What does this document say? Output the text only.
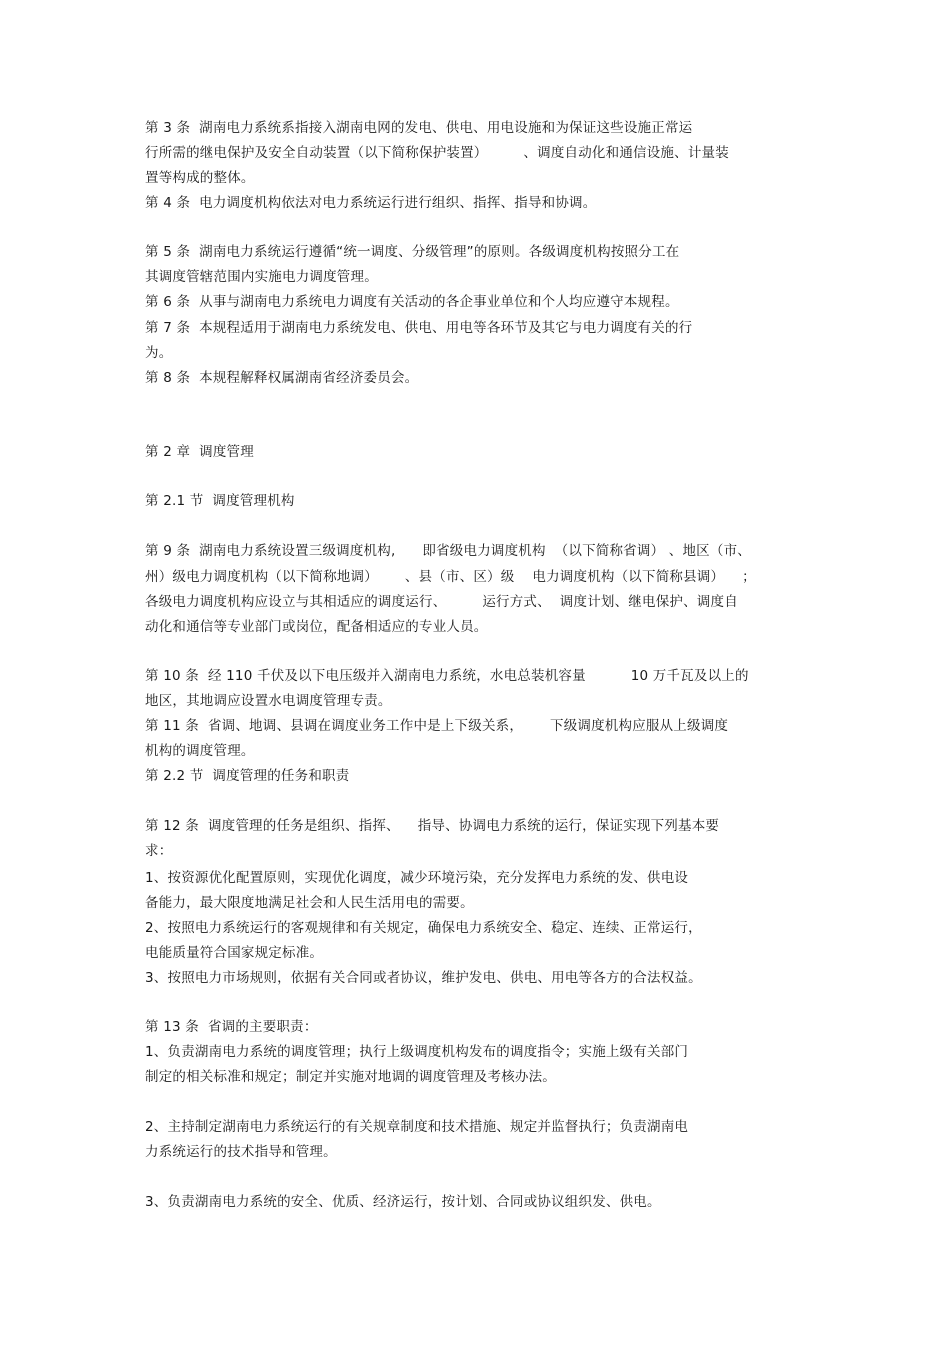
第 3 条  湖南电力系统系指接入湖南电网的发电、供电、用电设施和为保证这些设施正常运
行所需的继电保护及安全自动装置（以下简称保护装置）        、调度自动化和通信设施、计量装
置等构成的整体。
第 4 条  电力调度机构依法对电力系统运行进行组织、指挥、指导和协调。
第 5 条  湖南电力系统运行遵循“统一调度、分级管理”的原则。各级调度机构按照分工在
其调度管辖范围内实施电力调度管理。
第 6 条  从事与湖南电力系统电力调度有关活动的各企事业单位和个人均应遵守本规程。
第 7 条  本规程适用于湖南电力系统发电、供电、用电等各环节及其它与电力调度有关的行
为。
第 8 条  本规程解释权属湖南省经济委员会。
第 2 章  调度管理
第 2.1 节  调度管理机构
第 9 条  湖南电力系统设置三级调度机构,      即省级电力调度机构  （以下简称省调） 、地区（市、
州）级电力调度机构（以下简称地调）      、县（市、区）级    电力调度机构（以下简称县调）    ；
各级电力调度机构应设立与其相适应的调度运行、        运行方式、  调度计划、继电保护、调度自
动化和通信等专业部门或岗位，配备相适应的专业人员。
第 10 条  经 110 千伏及以下电压级并入湖南电力系统，水电总装机容量          10 万千瓦及以上的
地区，其地调应设置水电调度管理专责。
第 11 条  省调、地调、县调在调度业务工作中是上下级关系，      下级调度机构应服从上级调度
机构的调度管理。
第 2.2 节  调度管理的任务和职责
第 12 条  调度管理的任务是组织、指挥、    指导、协调电力系统的运行，保证实现下列基本要
求：
1、按资源优化配置原则，实现优化调度，减少环境污染，充分发挥电力系统的发、供电设
备能力，最大限度地满足社会和人民生活用电的需要。
2、按照电力系统运行的客观规律和有关规定，确保电力系统安全、稳定、连续、正常运行，
电能质量符合国家规定标准。
3、按照电力市场规则，依据有关合同或者协议，维护发电、供电、用电等各方的合法权益。
第 13 条  省调的主要职责：
1、负责湖南电力系统的调度管理；执行上级调度机构发布的调度指令；实施上级有关部门
制定的相关标准和规定；制定并实施对地调的调度管理及考核办法。
2、主持制定湖南电力系统运行的有关规章制度和技术措施、规定并监督执行；负责湖南电
力系统运行的技术指导和管理。
3、负责湖南电力系统的安全、优质、经济运行，按计划、合同或协议组织发、供电。
